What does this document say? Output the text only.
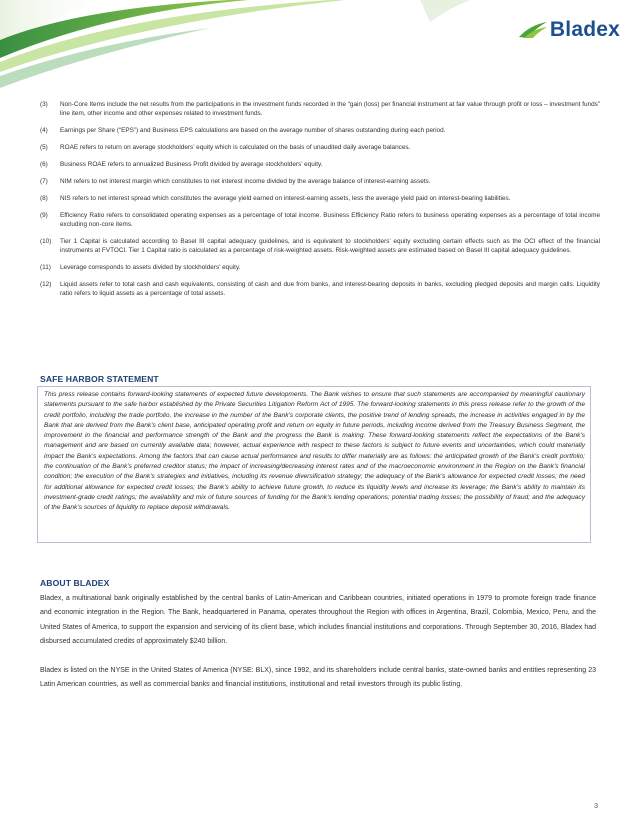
Bladex
(3)	Non-Core Items include the net results from the participations in the investment funds recorded in the “gain (loss) per financial instrument at fair value through profit or loss – investment funds” line item, other income and other expenses related to investment funds.
(4)	Earnings per Share (“EPS”) and Business EPS calculations are based on the average number of shares outstanding during each period.
(5)	ROAE refers to return on average stockholders’ equity which is calculated on the basis of unaudited daily average balances.
(6)	Business ROAE refers to annualized Business Profit divided by average stockholders’ equity.
(7)	NIM refers to net interest margin which constitutes to net interest income divided by the average balance of interest-earning assets.
(8)	NIS refers to net interest spread which constitutes the average yield earned on interest-earning assets, less the average yield paid on interest-bearing liabilities.
(9)	Efficiency Ratio refers to consolidated operating expenses as a percentage of total income. Business Efficiency Ratio refers to business operating expenses as a percentage of total income excluding non-core items.
(10)	Tier 1 Capital is calculated according to Basel III capital adequacy guidelines, and is equivalent to stockholders’ equity excluding certain effects such as the OCI effect of the financial instruments at FVTOCI. Tier 1 Capital ratio is calculated as a percentage of risk-weighted assets. Risk-weighted assets are estimated based on Basel III capital adequacy guidelines.
(11)	Leverage corresponds to assets divided by stockholders’ equity.
(12)	Liquid assets refer to total cash and cash equivalents, consisting of cash and due from banks, and interest-bearing deposits in banks, excluding pledged deposits and margin calls. Liquidity ratio refers to liquid assets as a percentage of total assets.
SAFE HARBOR STATEMENT
This press release contains forward-looking statements of expected future developments. The Bank wishes to ensure that such statements are accompanied by meaningful cautionary statements pursuant to the safe harbor established by the Private Securities Litigation Reform Act of 1995. The forward-looking statements in this press release refer to the growth of the credit portfolio, including the trade portfolio, the increase in the number of the Bank’s corporate clients, the positive trend of lending spreads, the increase in activities engaged in by the Bank that are derived from the Bank’s client base, anticipated operating profit and return on equity in future periods, including income derived from the Treasury Business Segment, the improvement in the financial and performance strength of the Bank and the progress the Bank is making. These forward-looking statements reflect the expectations of the Bank’s management and are based on currently available data; however, actual experience with respect to these factors is subject to future events and uncertainties, which could materially impact the Bank’s expectations. Among the factors that can cause actual performance and results to differ materially are as follows: the anticipated growth of the Bank’s credit portfolio; the continuation of the Bank’s preferred creditor status; the impact of increasing/decreasing interest rates and of the macroeconomic environment in the Region on the Bank’s financial condition; the execution of the Bank’s strategies and initiatives, including its revenue diversification strategy; the adequacy of the Bank’s allowance for expected credit losses; the need for additional allowance for expected credit losses; the Bank’s ability to achieve future growth, to reduce its liquidity levels and increase its leverage; the Bank’s ability to maintain its investment-grade credit ratings; the availability and mix of future sources of funding for the Bank’s lending operations; potential trading losses; the possibility of fraud; and the adequacy of the Bank’s sources of liquidity to replace deposit withdrawals.
ABOUT BLADEX

Bladex, a multinational bank originally established by the central banks of Latin-American and Caribbean countries, initiated operations in 1979 to promote foreign trade finance and economic integration in the Region. The Bank, headquartered in Panama, operates throughout the Region with offices in Argentina, Brazil, Colombia, Mexico, Peru, and the United States of America, to support the expansion and servicing of its client base, which includes financial institutions and corporations. Through September 30, 2016, Bladex had disbursed accumulated credits of approximately $240 billion.

Bladex is listed on the NYSE in the United States of America (NYSE: BLX), since 1992, and its shareholders include central banks, state-owned banks and entities representing 23 Latin American countries, as well as commercial banks and financial institutions, institutional and retail investors through its public listing.

3
